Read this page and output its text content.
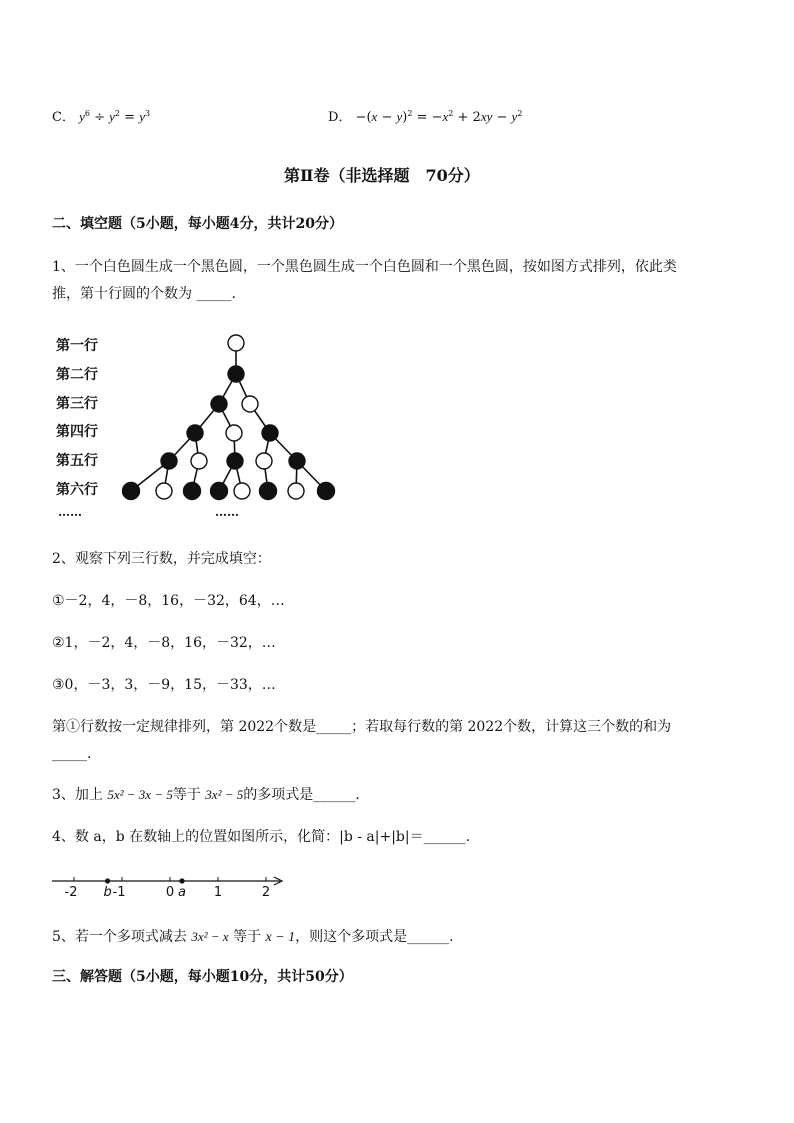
C． $y^6 \div y^2 = y^3$	D． $-(x - y)^2 = -x^2 + 2xy - y^2$
第Ⅱ卷（非选择题　70分）
二、填空题（5小题，每小题4分，共计20分）
1、一个白色圆生成一个黑色圆，一个黑色圆生成一个白色圆和一个黑色圆，按如图方式排列，依此类
推，第十行圆的个数为 _____.
第一行
第二行
第三行
第四行
第五行
第六行
……	……
2、观察下列三行数，并完成填空：
①－2，4，－8，16，－32，64，…
②1，－2，4，－8，16，－32，…
③0，－3，3，－9，15，－33，…
第①行数按一定规律排列，第 2022个数是_____；若取每行数的第 2022个数，计算这三个数的和为
_____.
3、加上 5x² − 3x − 5等于 3x² − 5的多项式是______.
4、数 a，b 在数轴上的位置如图所示，化简：|b - a|+|b|＝______.
-2	-1	0	1	2
b	a
5、若一个多项式减去 3x² − x 等于 x − 1，则这个多项式是______.
三、解答题（5小题，每小题10分，共计50分）
